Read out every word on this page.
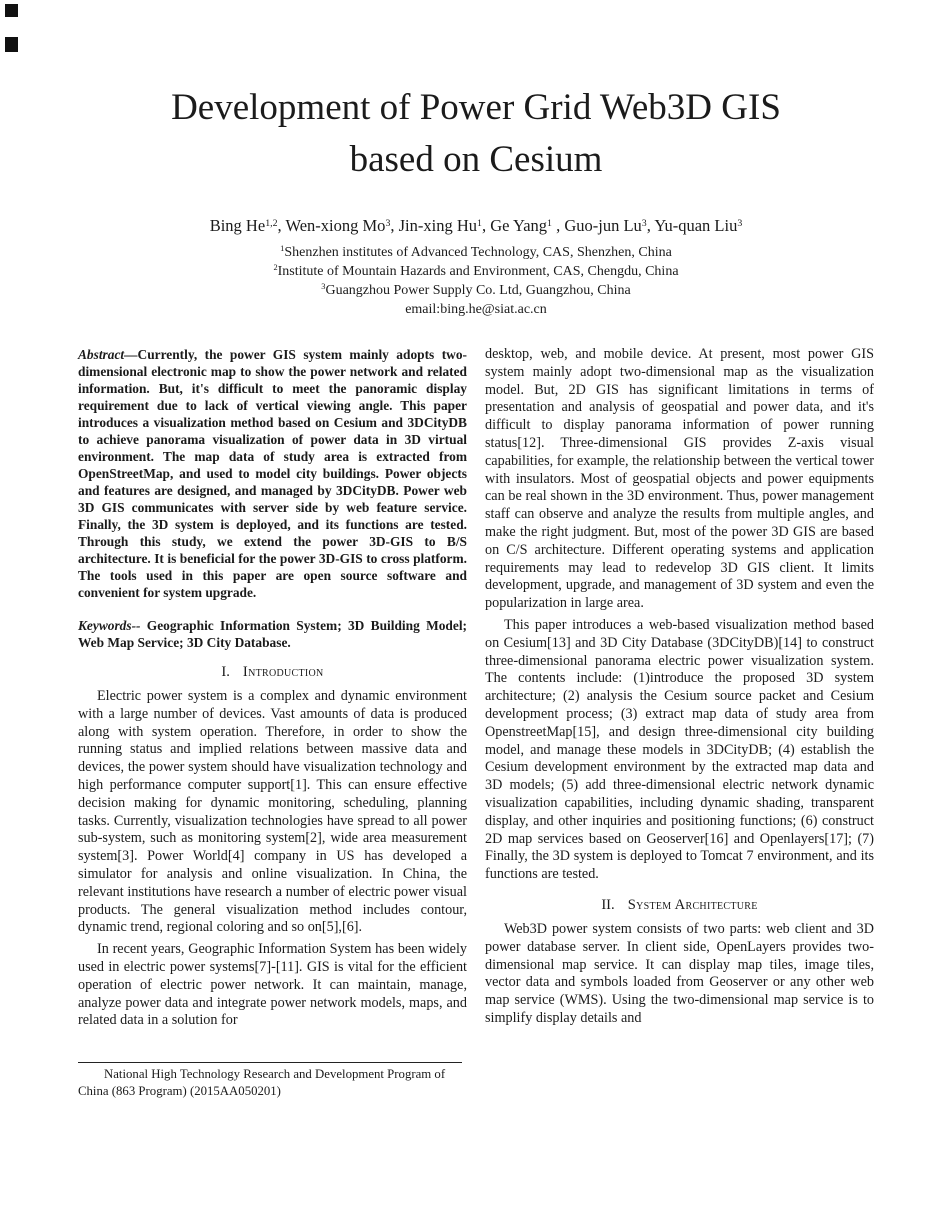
Development of Power Grid Web3D GIS
based on Cesium
Bing He$^{1,2}$, Wen-xiong Mo$^3$, Jin-xing Hu$^1$, Ge Yang$^1$ , Guo-jun Lu$^3$, Yu-quan Liu$^3$
$^1$Shenzhen institutes of Advanced Technology, CAS, Shenzhen, China
$^2$Institute of Mountain Hazards and Environment, CAS, Chengdu, China
$^3$Guangzhou Power Supply Co. Ltd, Guangzhou, China
email:bing.he@siat.ac.cn

Abstract—Currently, the power GIS system mainly adopts two-dimensional electronic map to show the power network and related information. But, it's difficult to meet the panoramic display requirement due to lack of vertical viewing angle. This paper introduces a visualization method based on Cesium and 3DCityDB to achieve panorama visualization of power data in 3D virtual environment. The map data of study area is extracted from OpenStreetMap, and used to model city buildings. Power objects and features are designed, and managed by 3DCityDB. Power web 3D GIS communicates with server side by web feature service. Finally, the 3D system is deployed, and its functions are tested. Through this study, we extend the power 3D-GIS to B/S architecture. It is beneficial for the power 3D-GIS to cross platform. The tools used in this paper are open source software and convenient for system upgrade.

Keywords-- Geographic Information System; 3D Building Model; Web Map Service; 3D City Database.

I. Introduction

Electric power system is a complex and dynamic environment with a large number of devices. Vast amounts of data is produced along with system operation. Therefore, in order to show the running status and implied relations between massive data and devices, the power system should have visualization technology and high performance computer support[1]. This can ensure effective decision making for dynamic monitoring, scheduling, planning tasks. Currently, visualization technologies have spread to all power sub-system, such as monitoring system[2], wide area measurement system[3]. Power World[4] company in US has developed a simulator for analysis and online visualization. In China, the relevant institutions have research a number of electric power visual products. The general visualization method includes contour, dynamic trend, regional coloring and so on[5],[6].

In recent years, Geographic Information System has been widely used in electric power systems[7]-[11]. GIS is vital for the efficient operation of electric power network. It can maintain, manage, analyze power data and integrate power network models, maps, and related data in a solution for

desktop, web, and mobile device. At present, most power GIS system mainly adopt two-dimensional map as the visualization model. But, 2D GIS has significant limitations in terms of presentation and analysis of geospatial and power data, and it's difficult to display panorama information of power running status[12]. Three-dimensional GIS provides Z-axis visual capabilities, for example, the relationship between the vertical tower with insulators. Most of geospatial objects and power equipments can be real shown in the 3D environment. Thus, power management staff can observe and analyze the results from multiple angles, and make the right judgment. But, most of the power 3D GIS are based on C/S architecture. Different operating systems and application requirements may lead to redevelop 3D GIS client. It limits development, upgrade, and management of 3D system and even the popularization in large area.

This paper introduces a web-based visualization method based on Cesium[13] and 3D City Database (3DCityDB)[14] to construct three-dimensional panorama electric power visualization system. The contents include: (1)introduce the proposed 3D system architecture; (2) analysis the Cesium source packet and Cesium development process; (3) extract map data of study area from OpenstreetMap[15], and design three-dimensional city building model, and manage these models in 3DCityDB; (4) establish the Cesium development environment by the extracted map data and 3D models; (5) add three-dimensional electric network dynamic visualization capabilities, including dynamic shading, transparent display, and other inquiries and positioning functions; (6) construct 2D map services based on Geoserver[16] and Openlayers[17]; (7) Finally, the 3D system is deployed to Tomcat 7 environment, and its functions are tested.

II. System Architecture

Web3D power system consists of two parts: web client and 3D power database server. In client side, OpenLayers provides two-dimensional map service. It can display map tiles, image tiles, vector data and symbols loaded from Geoserver or any other web map service (WMS). Using the two-dimensional map service is to simplify display details and

National High Technology Research and Development Program of China (863 Program) (2015AA050201)
